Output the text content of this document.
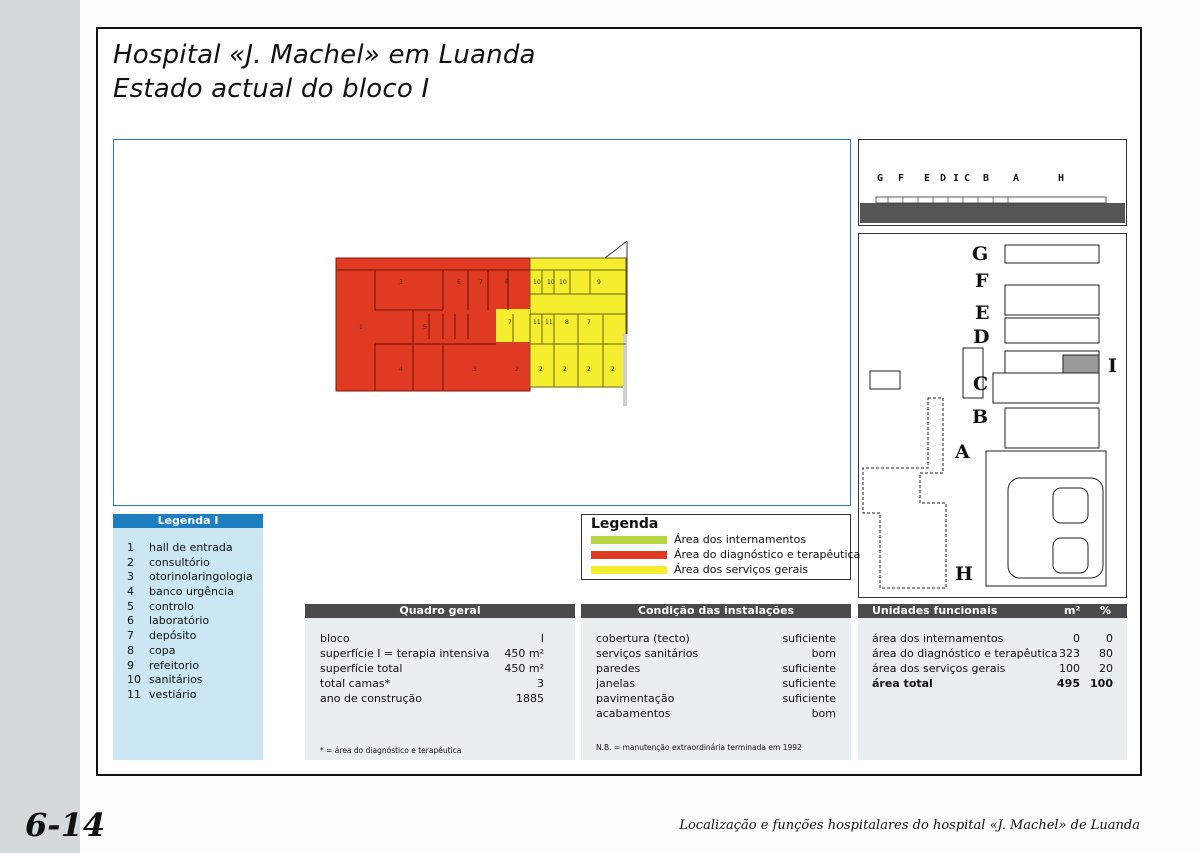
Hospital «J. Machel» em Luanda
Estado actual do bloco I
1
3	6	7	6
4	3
5
10 10 10	9
7	11 11 8	7
2	2	2	2	2
G F E D I C B A	H
G
F
E
D
I
C
B
A
H
Legenda I
1 hall de entrada
2 consultório
3 otorinolaringologia
4 banco urgência
5 controlo
6 laboratório
7 depósito
8 copa
9 refeitorio
10 sanitários
11 vestiário
Legenda
Área dos internamentos
Área do diagnóstico e terapêutica
Área dos serviços gerais
Quadro geral
bloco	I
superfície I = terapia intensiva	450 m²
superfície total	450 m²
total camas*	3
ano de construção	1885
* = área do diagnóstico e terapêutica
Condição das instalações
cobertura (tecto)	suficiente
serviços sanitários	bom
paredes	suficiente
janelas	suficiente
pavimentação	suficiente
acabamentos	bom
N.B. = manutenção extraordinária terminada em 1992
Unidades funcionais	m² %
área dos internamentos	0	0
área do diagnóstico e terapêutica 323	80
área dos serviços gerais	100	20
área total	495 100
6-14	Localização e funções hospitalares do hospital «J. Machel» de Luanda
